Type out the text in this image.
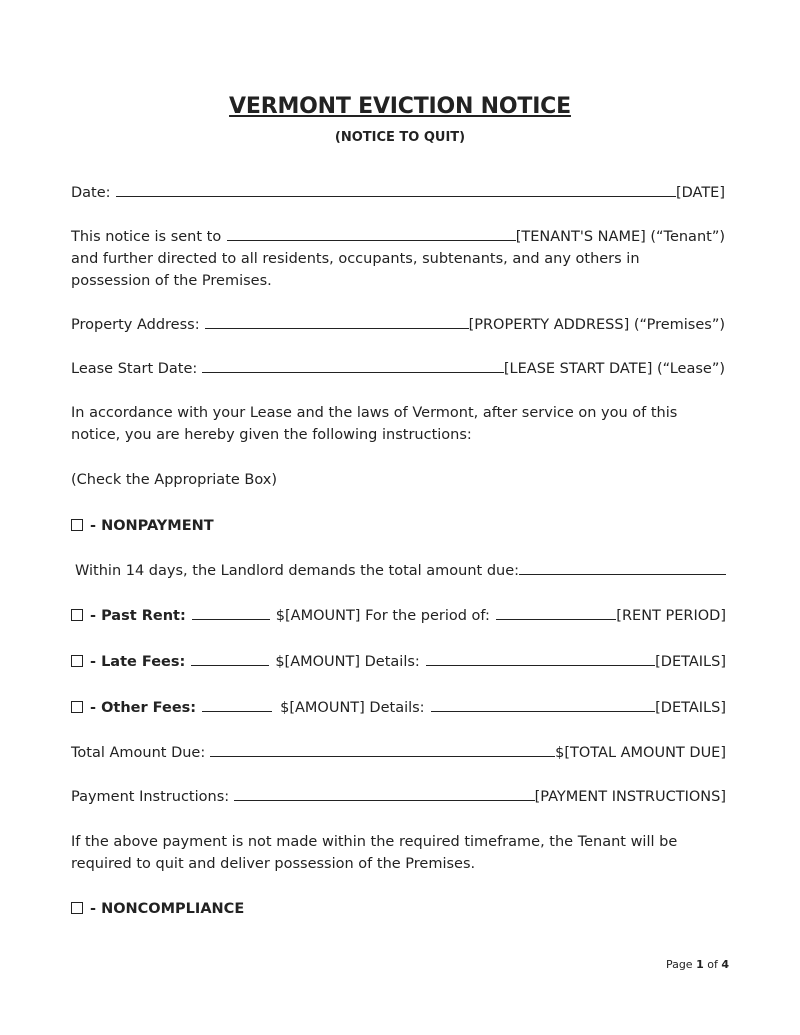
VERMONT EVICTION NOTICE
(NOTICE TO QUIT)
Date:	[DATE]
This notice is sent to	[TENANT'S NAME] (“Tenant”)
and further directed to all residents, occupants, subtenants, and any others in possession of the Premises.
Property Address:	[PROPERTY ADDRESS] (“Premises”)
Lease Start Date:	[LEASE START DATE] (“Lease”)
In accordance with your Lease and the laws of Vermont, after service on you of this notice, you are hereby given the following instructions:
(Check the Appropriate Box)
- NONPAYMENT
Within 14 days, the Landlord demands the total amount due:
- Past Rent:	$[AMOUNT] For the period of:	[RENT PERIOD]
- Late Fees:	$[AMOUNT] Details:	[DETAILS]
- Other Fees:	$[AMOUNT] Details:	[DETAILS]
Total Amount Due:	$[TOTAL AMOUNT DUE]
Payment Instructions:	[PAYMENT INSTRUCTIONS]
If the above payment is not made within the required timeframe, the Tenant will be required to quit and deliver possession of the Premises.
- NONCOMPLIANCE
Page 1 of 4
